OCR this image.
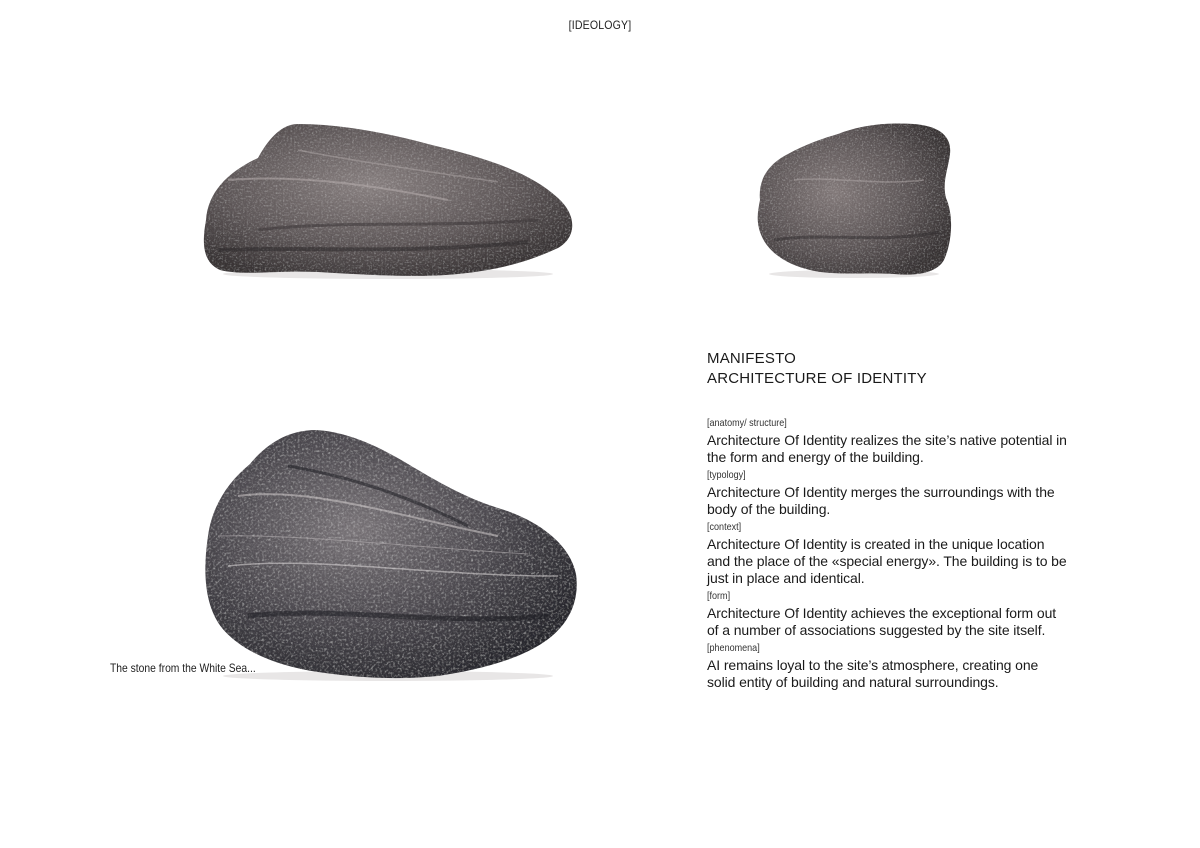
[IDEOLOGY]
The stone from the White Sea...
MANIFESTO
ARCHITECTURE OF IDENTITY
[anatomy/ structure]
Architecture Of Identity realizes the site’s native potential in the form and energy of the building.
[typology]
Architecture Of Identity merges the surroundings with the body of the building.
[context]
Architecture Of Identity is created in the unique location and the place of the «special energy». The building is to be just in place and identical.
[form]
Architecture Of Identity achieves the exceptional form out of a number of associations suggested by the site itself.
[phenomena]
AI remains loyal to the site’s atmosphere, creating one solid entity of building and natural surroundings.
